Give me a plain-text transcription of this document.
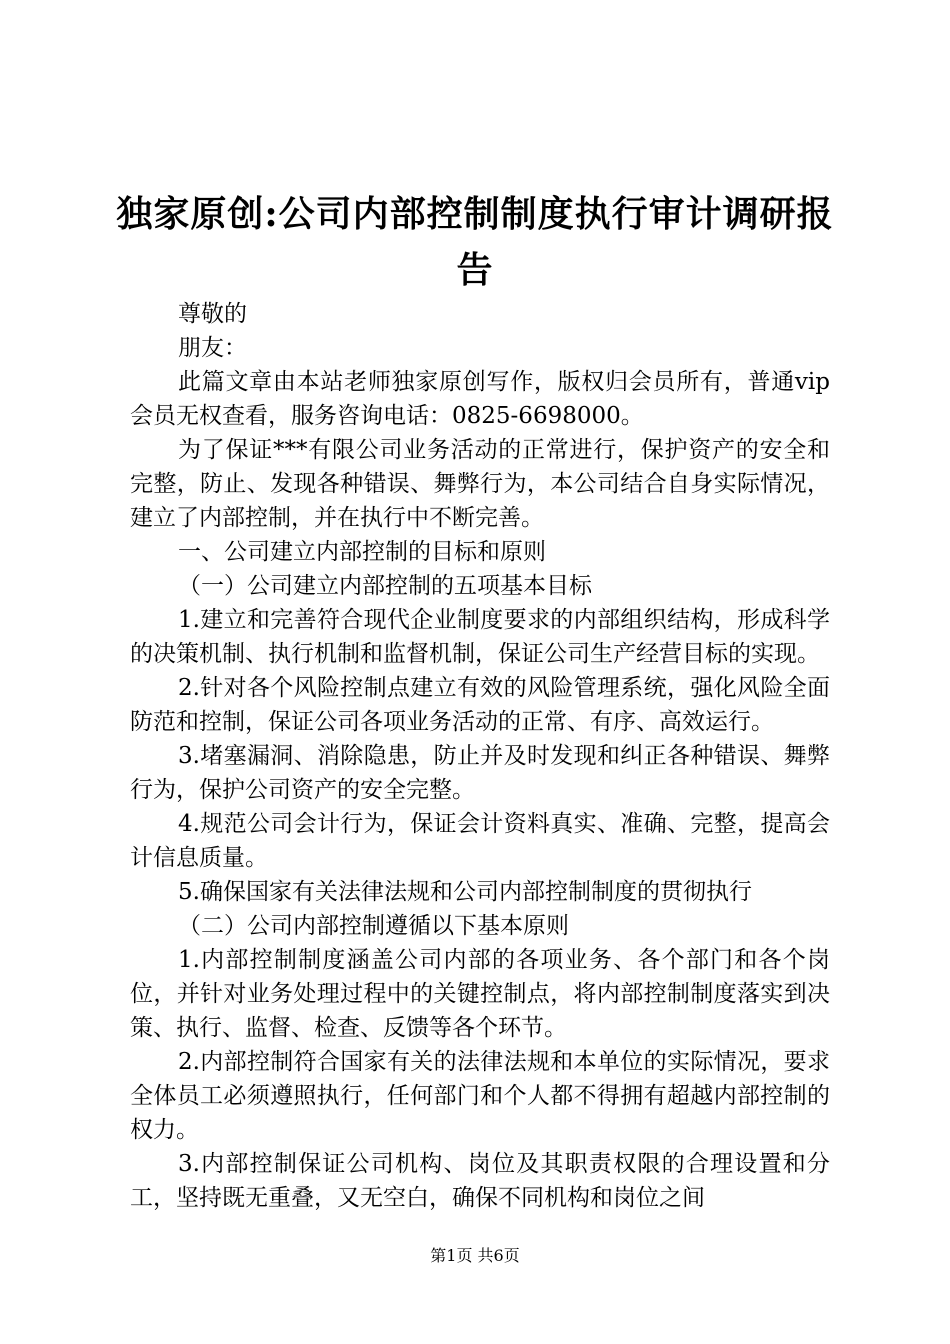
独家原创:公司内部控制制度执行审计调研报
告

尊敬的

朋友：

此篇文章由本站老师独家原创写作，版权归会员所有，普通vip会员无权查看，服务咨询电话：0825-6698000。

为了保证***有限公司业务活动的正常进行，保护资产的安全和完整，防止、发现各种错误、舞弊行为，本公司结合自身实际情况，建立了内部控制，并在执行中不断完善。

一、公司建立内部控制的目标和原则

（一）公司建立内部控制的五项基本目标

1.建立和完善符合现代企业制度要求的内部组织结构，形成科学的决策机制、执行机制和监督机制，保证公司生产经营目标的实现。

2.针对各个风险控制点建立有效的风险管理系统，强化风险全面防范和控制，保证公司各项业务活动的正常、有序、高效运行。

3.堵塞漏洞、消除隐患，防止并及时发现和纠正各种错误、舞弊行为，保护公司资产的安全完整。

4.规范公司会计行为，保证会计资料真实、准确、完整，提高会计信息质量。

5.确保国家有关法律法规和公司内部控制制度的贯彻执行

（二）公司内部控制遵循以下基本原则

1.内部控制制度涵盖公司内部的各项业务、各个部门和各个岗位，并针对业务处理过程中的关键控制点，将内部控制制度落实到决策、执行、监督、检查、反馈等各个环节。

2.内部控制符合国家有关的法律法规和本单位的实际情况，要求全体员工必须遵照执行，任何部门和个人都不得拥有超越内部控制的权力。

3.内部控制保证公司机构、岗位及其职责权限的合理设置和分工，坚持既无重叠，又无空白，确保不同机构和岗位之间

第1页 共6页
